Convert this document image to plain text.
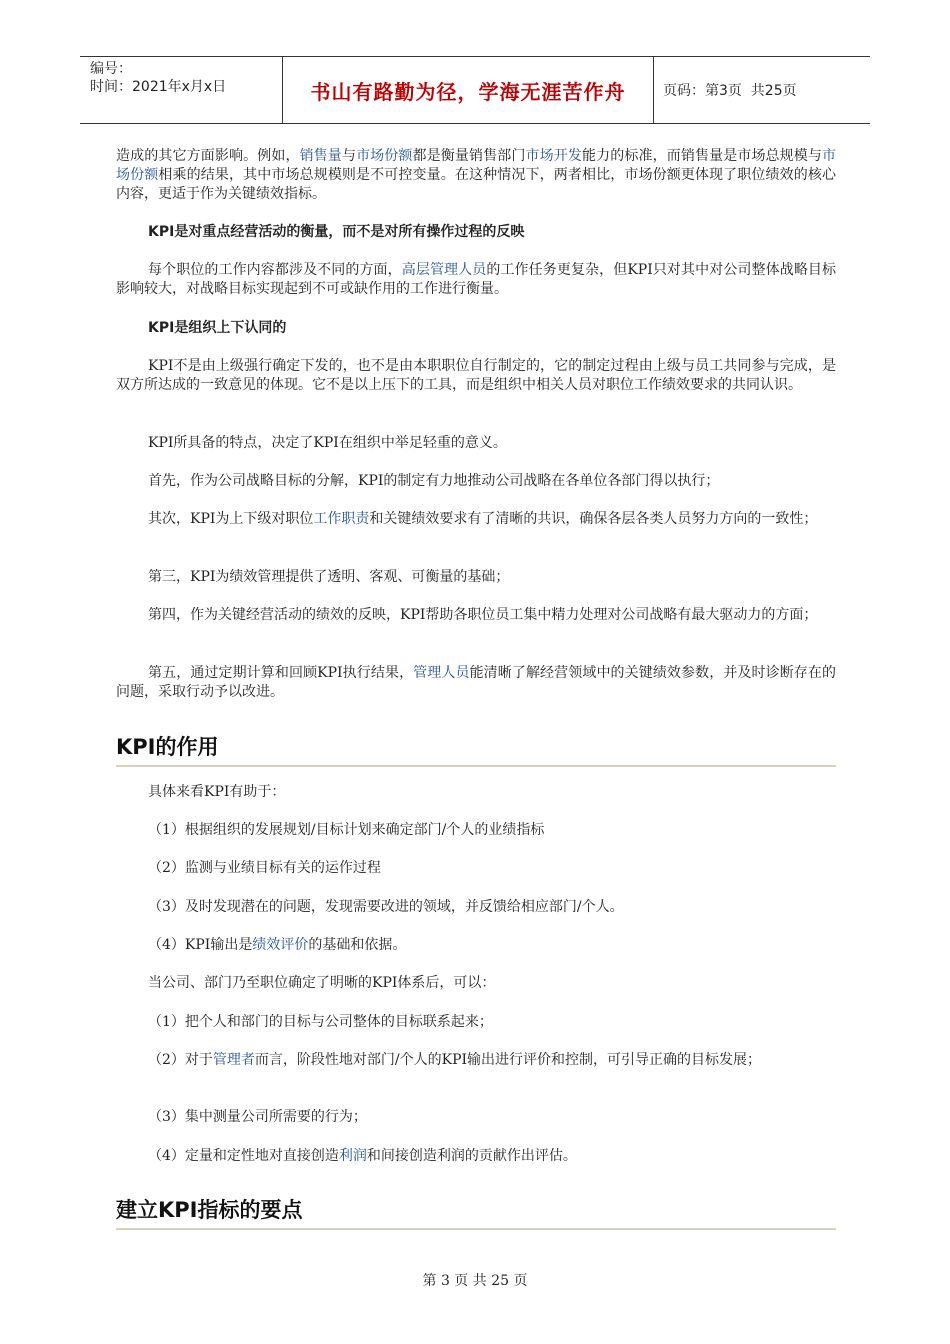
编号：
时间：2021年x月x日	书山有路勤为径，学海无涯苦作舟	页码：第3页  共25页
造成的其它方面影响。例如，销售量与市场份额都是衡量销售部门市场开发能力的标准，而销售量是市场总规模与市场份额相乘的结果，其中市场总规模则是不可控变量。在这种情况下，两者相比，市场份额更体现了职位绩效的核心内容，更适于作为关键绩效指标。
KPI是对重点经营活动的衡量，而不是对所有操作过程的反映
每个职位的工作内容都涉及不同的方面，高层管理人员的工作任务更复杂，但KPI只对其中对公司整体战略目标影响较大，对战略目标实现起到不可或缺作用的工作进行衡量。
KPI是组织上下认同的
KPI不是由上级强行确定下发的，也不是由本职职位自行制定的，它的制定过程由上级与员工共同参与完成，是双方所达成的一致意见的体现。它不是以上压下的工具，而是组织中相关人员对职位工作绩效要求的共同认识。
KPI所具备的特点，决定了KPI在组织中举足轻重的意义。
首先，作为公司战略目标的分解，KPI的制定有力地推动公司战略在各单位各部门得以执行；
其次，KPI为上下级对职位工作职责和关键绩效要求有了清晰的共识，确保各层各类人员努力方向的一致性；
第三，KPI为绩效管理提供了透明、客观、可衡量的基础；
第四，作为关键经营活动的绩效的反映，KPI帮助各职位员工集中精力处理对公司战略有最大驱动力的方面；
第五，通过定期计算和回顾KPI执行结果，管理人员能清晰了解经营领域中的关键绩效参数，并及时诊断存在的问题，采取行动予以改进。
KPI的作用
具体来看KPI有助于：
（1）根据组织的发展规划/目标计划来确定部门/个人的业绩指标
（2）监测与业绩目标有关的运作过程
（3）及时发现潜在的问题，发现需要改进的领域，并反馈给相应部门/个人。
（4）KPI输出是绩效评价的基础和依据。
当公司、部门乃至职位确定了明晰的KPI体系后，可以：
（1）把个人和部门的目标与公司整体的目标联系起来；
（2）对于管理者而言，阶段性地对部门/个人的KPI输出进行评价和控制，可引导正确的目标发展；
（3）集中测量公司所需要的行为；
（4）定量和定性地对直接创造利润和间接创造利润的贡献作出评估。
建立KPI指标的要点
第 3 页 共 25 页
